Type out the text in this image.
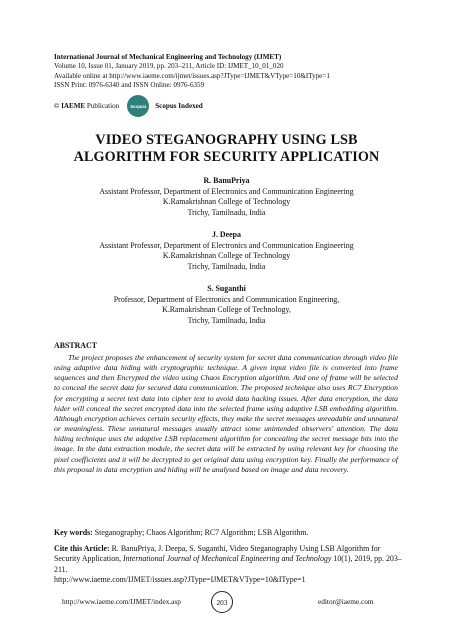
International Journal of Mechanical Engineering and Technology (IJMET)
Volume 10, Issue 01, January 2019, pp. 203–211, Article ID: IJMET_10_01_020
Available online at http://www.iaeme.com/ijmet/issues.asp?JType=IJMET&VType=10&IType=1
ISSN Print: 0976-6340 and ISSN Online: 0976-6359
© IAEME
Publication Scopus Scopus Indexed
VIDEO STEGANOGRAPHY USING LSB
ALGORITHM FOR SECURITY APPLICATION
R. BanuPriya
Assistant Professor, Department of Electronics and Communication Engineering
K.Ramakrishnan College of Technology
Trichy, Tamilnadu, India
J. Deepa
Assistant Professor, Department of Electronics and Communication Engineering
K.Ramakrishnan College of Technology
Trichy, Tamilnadu, India
S. Suganthi
Professor, Department of Electronics and Communication Engineering,
K.Ramakrishnan College of Technology,
Trichy, Tamilnadu, India
ABSTRACT
The project proposes the enhancement of security system for secret data communication through video file using adaptive data hiding with cryptographic technique. A given input video file is converted into frame sequences and then Encrypted the video using Chaos Encryption algorithm. And one of frame will be selected to conceal the secret data for secured data communication. The proposed technique also uses RC7 Encryption for encrypting a secret text data into cipher text to avoid data hacking issues. After data encryption, the data hider will conceal the secret encrypted data into the selected frame using adaptive LSB embedding algorithm. Although encryption achieves certain security effects, they make the secret messages unreadable and unnatural or meaningless. These unnatural messages usually attract some unintended observers' attention. The data hiding technique uses the adaptive LSB replacement algorithm for concealing the secret message bits into the image. In the data extraction module, the secret data will be extracted by using relevant key for choosing the pixel coefficients and it will be decrypted to get original data using encryption key. Finally the performance of this proposal in data encryption and hiding will be analysed based on image and data recovery.
Key words: Steganography; Chaos Algorithm; RC7 Algorithm; LSB Algorithm.
Cite this Article: R. BanuPriya, J. Deepa, S. Suganthi, Video Steganography Using LSB Algorithm for Security Application, International Journal of Mechanical Engineering and Technology 10(1), 2019, pp. 203–211.
http://www.iaeme.com/IJMET/issues.asp?JType=IJMET&VType=10&IType=1
http://www.iaeme.com/IJMET/index.asp	203	editor@iaeme.com
